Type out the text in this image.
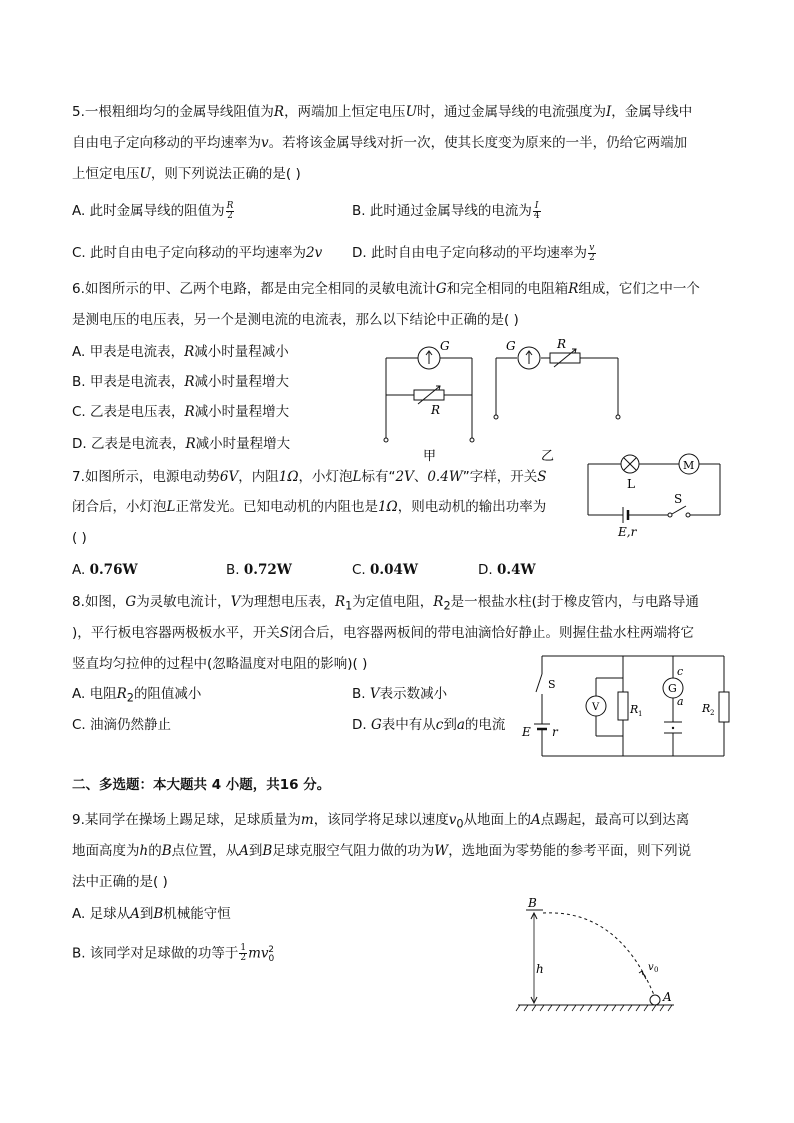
5.一根粗细均匀的金属导线阻值为R，两端加上恒定电压U时，通过金属导线的电流强度为I，金属导线中
自由电子定向移动的平均速率为v。若将该金属导线对折一次，使其长度变为原来的一半，仍给它两端加
上恒定电压U，则下列说法正确的是( )
A. 此时金属导线的阻值为 $\frac{R}{2}$	B. 此时通过金属导线的电流为 $\frac{I}{4}$
C. 此时自由电子定向移动的平均速率为2v D. 此时自由电子定向移动的平均速率为 $\frac{v}{2}$
6.如图所示的甲、乙两个电路，都是由完全相同的灵敏电流计G和完全相同的电阻箱R组成，它们之中一个
是测电压的电压表，另一个是测电流的电流表，那么以下结论中正确的是( )
A. 甲表是电流表，R减小时量程减小
B. 甲表是电流表，R减小时量程增大
C. 乙表是电压表，R减小时量程增大
D. 乙表是电流表，R减小时量程增大
G
R
G	R
甲	乙
7.如图所示，电源电动势6V，内阻1Ω，小灯泡L标有“2V、0.4W”字样，开关S
闭合后，小灯泡L正常发光。已知电动机的内阻也是1Ω，则电动机的输出功率为
( )
A. 0.76W	B. 0.72W	C. 0.04W	D. 0.4W
M
L
S
E,r
8.如图，G为灵敏电流计，V为理想电压表，$R_1$为定值电阻，$R_2$是一根盐水柱(封于橡皮管内，与电路导通
)，平行板电容器两极板水平，开关S闭合后，电容器两板间的带电油滴恰好静止。则握住盐水柱两端将它
竖直均匀拉伸的过程中(忽略温度对电阻的影响)( )
A. 电阻$R_2$的阻值减小	B. V表示数减小
C. 油滴仍然静止	D. G表中有从c到a的电流
S
V	R 1
G
c
a
R 2
E r
二、多选题：本大题共 4 小题，共16 分。
9.某同学在操场上踢足球，足球质量为m，该同学将足球以速度$v_0$从地面上的A点踢起，最高可以到达离
地面高度为h的B点位置，从A到B足球克服空气阻力做的功为W，选地面为零势能的参考平面，则下列说
法中正确的是( )
A. 足球从A到B机械能守恒
B. 该同学对足球做的功等于 $\frac{1}{2} mv_0^2$
B
h	v 0
A
